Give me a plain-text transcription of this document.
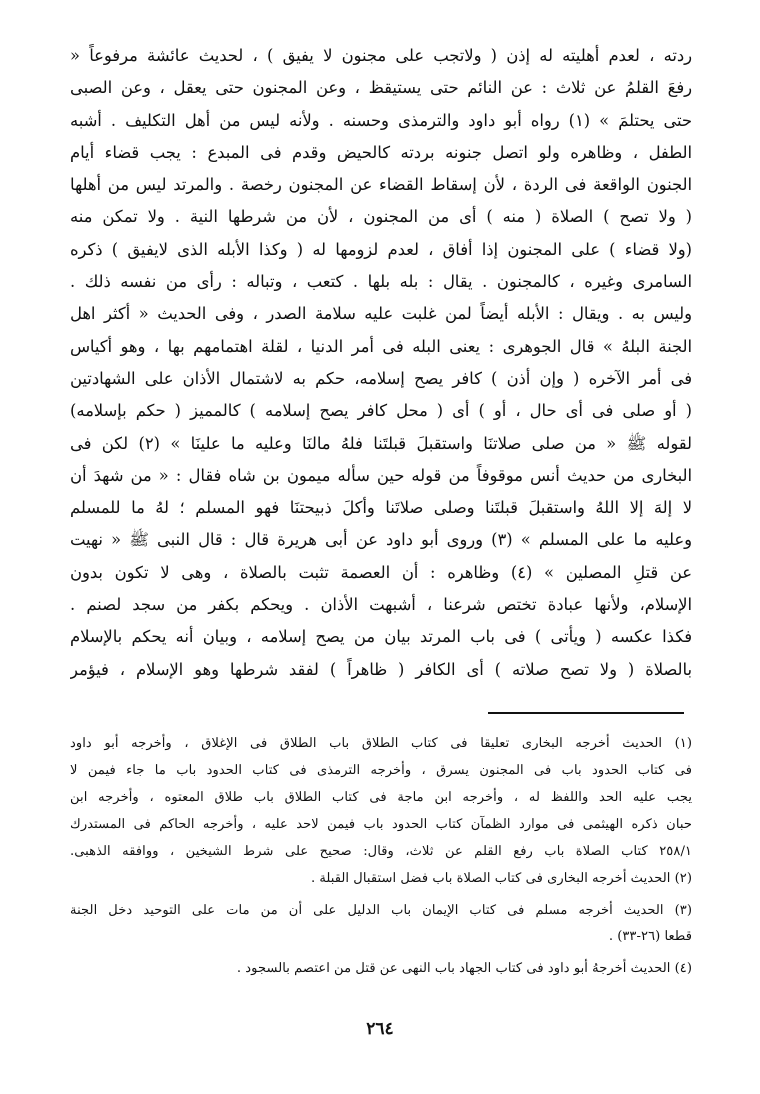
ردته ، لعدم أهليته له إذن ( ولاتجب على مجنون لا يفيق ) ، لحديث عائشة مرفوعاً «
رفعَ القلمُ عن ثلاث : عن النائم حتى يستيقظ ، وعن المجنون حتى يعقل ، وعن الصبى
حتى يحتلمَ » (١) رواه أبو داود والترمذى وحسنه . ولأنه ليس من أهل التكليف . أشبه
الطفل ، وظاهره ولو اتصل جنونه بردته كالحيض وقدم فى المبدع : يجب قضاء أيام
الجنون الواقعة فى الردة ، لأن إسقاط القضاء عن المجنون رخصة . والمرتد ليس من أهلها
( ولا تصح ) الصلاة ( منه ) أى من المجنون ، لأن من شرطها النية . ولا تمكن منه
(ولا قضاء ) على المجنون إذا أفاق ، لعدم لزومها له ( وكذا الأبله الذى لايفيق ) ذكره
السامرى وغيره ، كالمجنون . يقال : بله بلها . كتعب ، وتباله : رأى من نفسه ذلك .
وليس به . ويقال : الأبله أيضاً لمن غلبت عليه سلامة الصدر ، وفى الحديث « أكثر اهل
الجنة البلهُ » قال الجوهرى : يعنى البله فى أمر الدنيا ، لقلة اهتمامهم بها ، وهو أكياس
فى أمر الآخره ( وإن أذن ) كافر يصح إسلامه، حكم به لاشتمال الأذان على الشهادتين
( أو صلى فى أى حال ، أو ) أى ( محل كافر يصح إسلامه ) كالمميز ( حكم بإسلامه)
لقوله ﷺ « من صلى صلاتنَا واستقبلَ قبلتَنا فلهُ مالنَا وعليه ما علينَا » (٢) لكن فى
البخارى من حديث أنس موقوفاً من قوله حين سأله ميمون بن شاه فقال : « من شهدَ أن
لا إلهَ إلا اللهُ واستقبلَ قبلتَنا وصلى صلاتَنا وأكلَ ذبيحتنَا فهو المسلم ؛ لهُ ما للمسلم
وعليه ما على المسلم » (٣) وروى أبو داود عن أبى هريرة قال : قال النبى ﷺ « نهيت
عن قتلِ المصلين » (٤) وظاهره : أن العصمة تثبت بالصلاة ، وهى لا تكون بدون
الإسلام، ولأنها عبادة تختص شرعنا ، أشبهت الأذان . ويحكم بكفر من سجد لصنم .
فكذا عكسه ( ويأتى ) فى باب المرتد بيان من يصح إسلامه ، وبيان أنه يحكم بالإسلام
بالصلاة ( ولا تصح صلاته ) أى الكافر ( ظاهراً ) لفقد شرطها وهو الإسلام ، فيؤمر
(١) الحديث أخرجه البخارى تعليقا فى كتاب الطلاق باب الطلاق فى الإغلاق ، وأخرجه أبو داود
فى كتاب الحدود باب فى المجنون يسرق ، وأخرجه الترمذى فى كتاب الحدود باب ما جاء فيمن لا
يجب عليه الحد واللفظ له ، وأخرجه ابن ماجة فى كتاب الطلاق باب طلاق المعتوه ، وأخرجه ابن
حبان ذكره الهيثمى فى موارد الظمآن كتاب الحدود باب فيمن لاحد عليه ، وأخرجه الحاكم فى المستدرك
٢٥٨/١ كتاب الصلاة باب رفع القلم عن ثلاث، وقال: صحيح على شرط الشيخين ، ووافقه الذهبى.
(٢) الحديث أخرجه البخارى فى كتاب الصلاة باب فضل استقبال القبلة .
(٣) الحديث أخرجه مسلم فى كتاب الإيمان باب الدليل على أن من مات على التوحيد دخل الجنة
قطعا (٢٦-٣٣) .
(٤) الحديث أخرجهُ أبو داود فى كتاب الجهاد باب النهى عن قتل من اعتصم بالسجود .
٢٦٤
